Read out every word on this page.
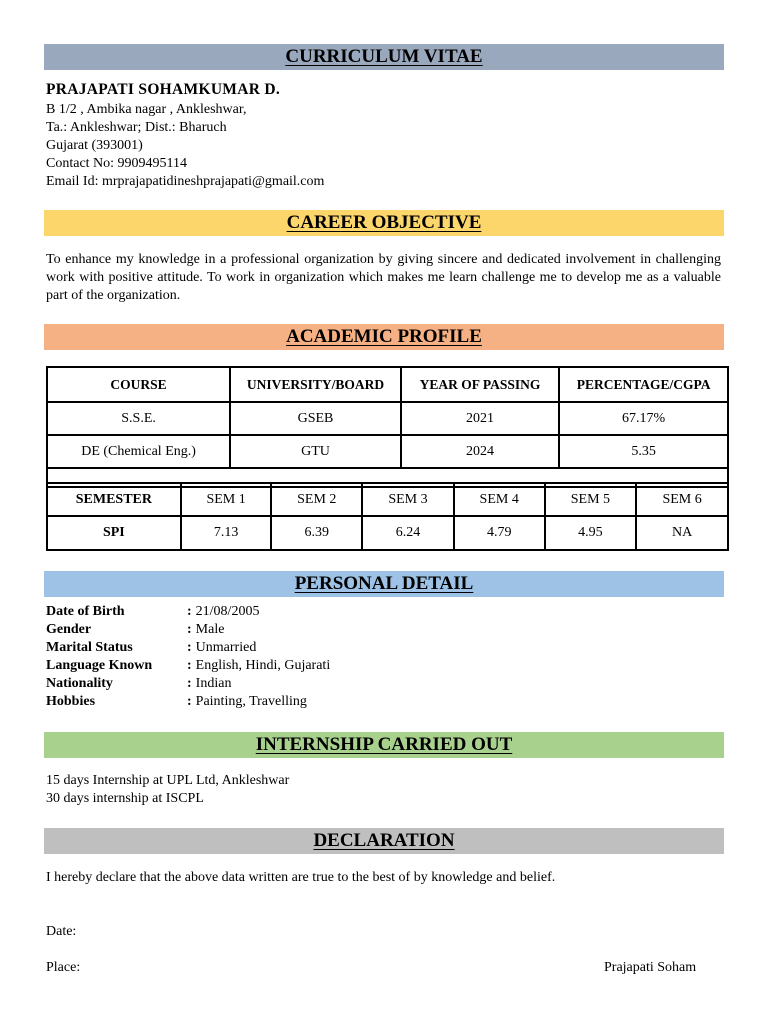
CURRICULUM VITAE
PRAJAPATI SOHAMKUMAR D.
B 1/2 , Ambika nagar , Ankleshwar,
Ta.: Ankleshwar; Dist.: Bharuch
Gujarat (393001)
Contact No: 9909495114
Email Id: mrprajapatidineshprajapati@gmail.com
CAREER OBJECTIVE
To enhance my knowledge in a professional organization by giving sincere and dedicated involvement in challenging work with positive attitude. To work in organization which makes me learn challenge me to develop me as a valuable part of the organization.
ACADEMIC PROFILE
COURSE	UNIVERSITY/BOARD	YEAR OF PASSING	PERCENTAGE/CGPA
S.S.E.	GSEB	2021	67.17%
DE (Chemical Eng.)	GTU	2024	5.35

SEMESTER	SEM 1	SEM 2	SEM 3	SEM 4	SEM 5	SEM 6
SPI	7.13	6.39	6.24	4.79	4.95	NA
PERSONAL DETAIL
Date of Birth	: 21/08/2005
Gender	: Male
Marital Status	: Unmarried
Language Known	: English, Hindi, Gujarati
Nationality	: Indian
Hobbies	: Painting, Travelling
INTERNSHIP CARRIED OUT
15 days Internship at UPL Ltd, Ankleshwar
30 days internship at ISCPL
DECLARATION
I hereby declare that the above data written are true to the best of by knowledge and belief.
Date:
Place:	Prajapati Soham
